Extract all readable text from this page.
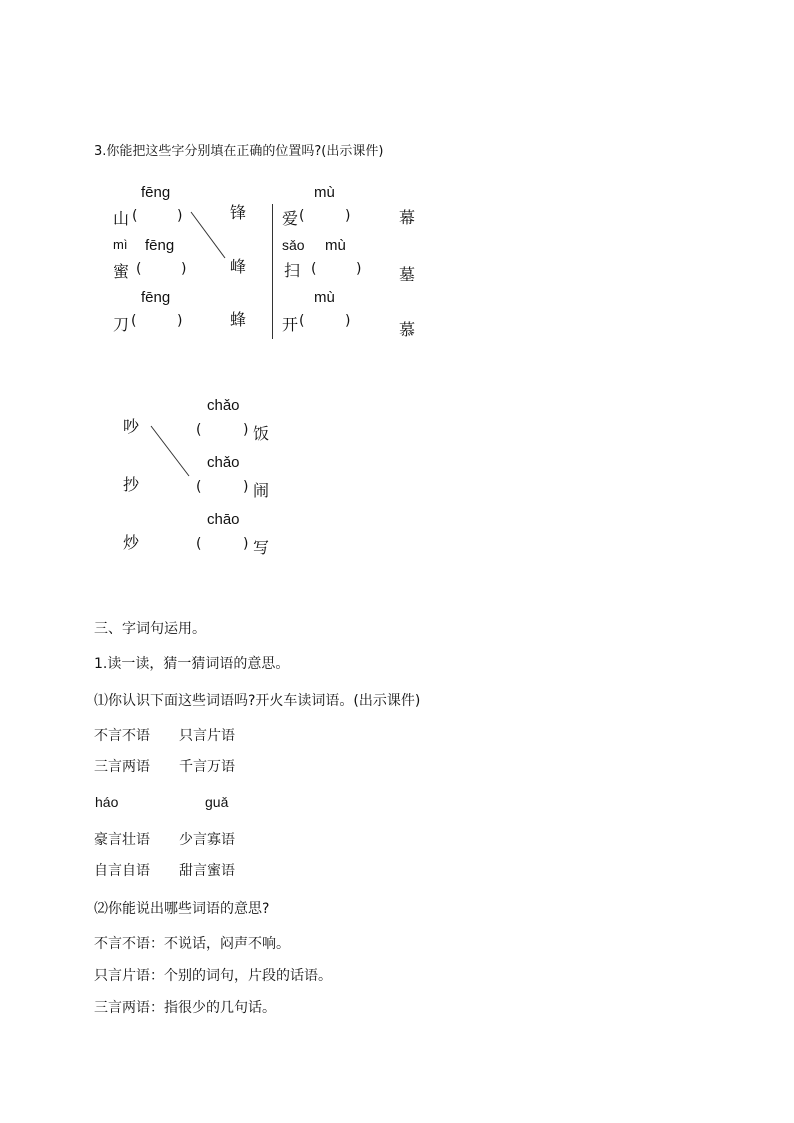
3.你能把这些字分别填在正确的位置吗?(出示课件)
fēng
山 (	)
mì fēng
蜜 (	)
fēng
刀 (	)
锋
峰
蜂
mù
爱 (	)
sǎo mù
扫 (	)
mù
开 (	)
幕
墓
慕
吵
抄
炒
chǎo
(	) 饭
chǎo
(	) 闹
chāo
(	) 写
三、字词句运用。
1.读一读，猜一猜词语的意思。
⑴你认识下面这些词语吗?开火车读词语。(出示课件)
不言不语 只言片语
三言两语 千言万语
háo	guǎ
豪言壮语 少言寡语
自言自语 甜言蜜语
⑵你能说出哪些词语的意思?
不言不语：不说话，闷声不响。
只言片语：个别的词句，片段的话语。
三言两语：指很少的几句话。
